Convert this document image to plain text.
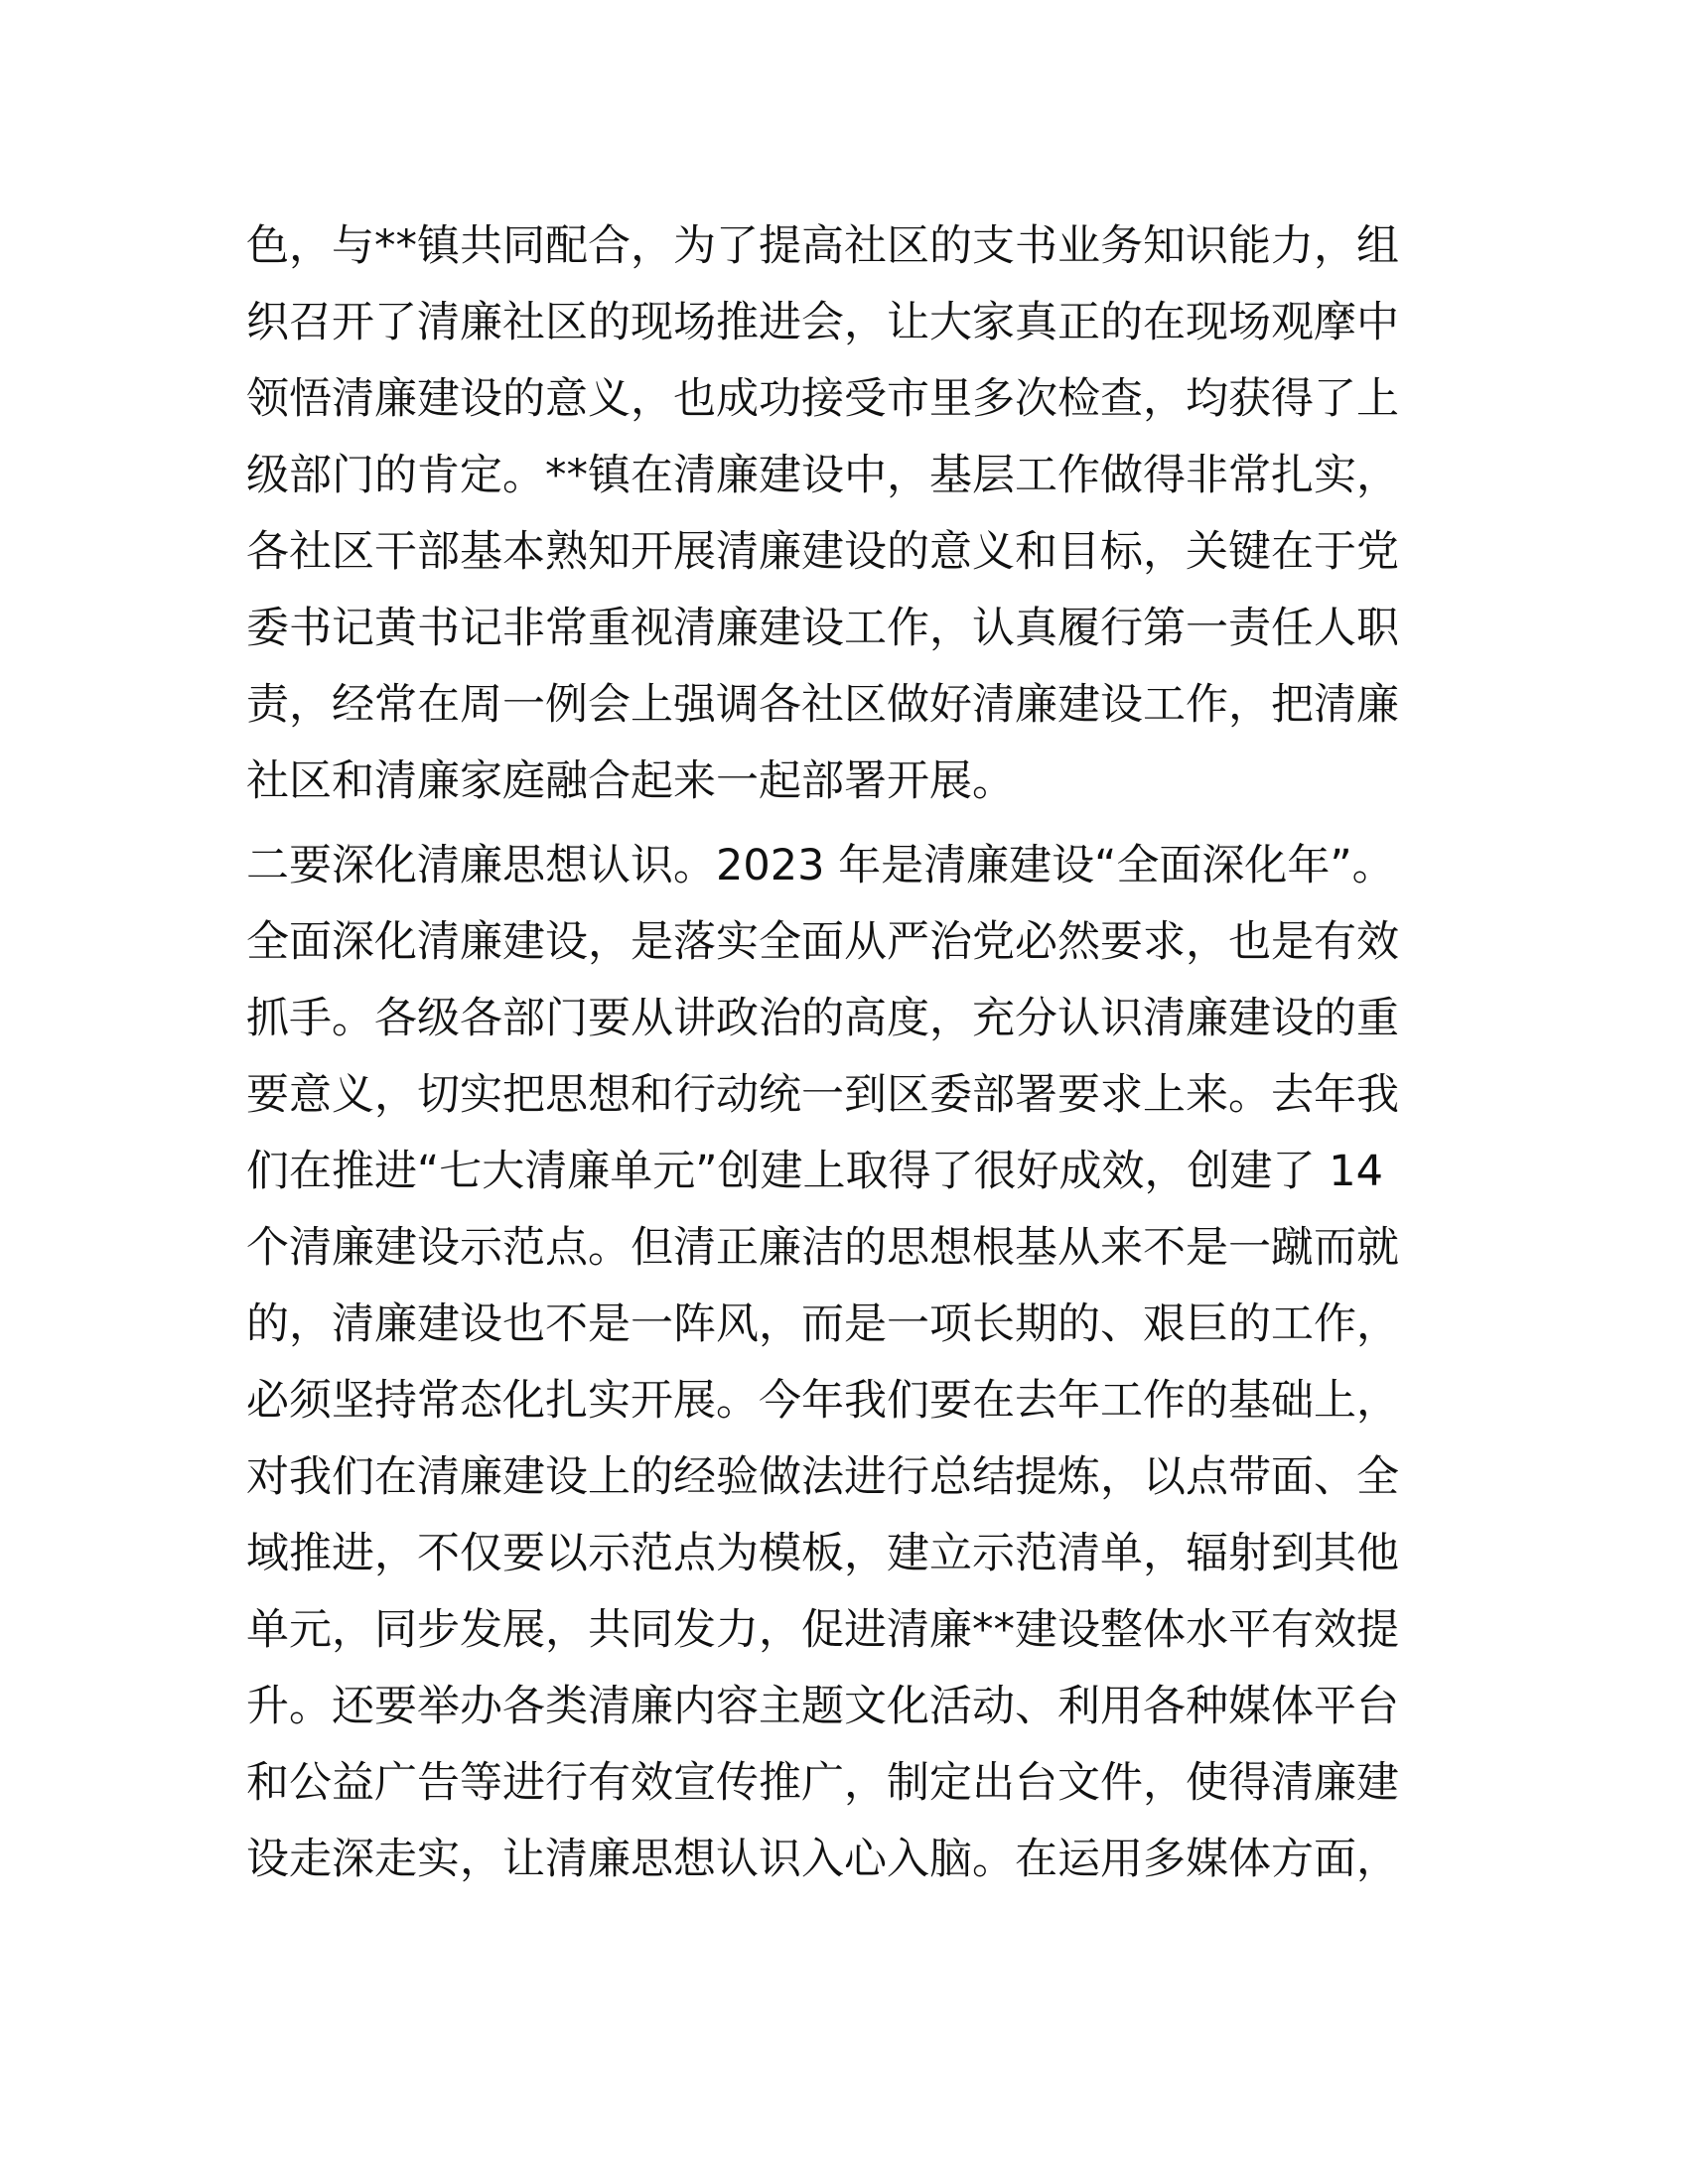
色，与**镇共同配合，为了提高社区的支书业务知识能力，组
织召开了清廉社区的现场推进会，让大家真正的在现场观摩中
领悟清廉建设的意义，也成功接受市里多次检查，均获得了上
级部门的肯定。**镇在清廉建设中，基层工作做得非常扎实，
各社区干部基本熟知开展清廉建设的意义和目标，关键在于党
委书记黄书记非常重视清廉建设工作，认真履行第一责任人职
责，经常在周一例会上强调各社区做好清廉建设工作，把清廉
社区和清廉家庭融合起来一起部署开展。
二要深化清廉思想认识。2023 年是清廉建设“全面深化年”。
全面深化清廉建设，是落实全面从严治党必然要求，也是有效
抓手。各级各部门要从讲政治的高度，充分认识清廉建设的重
要意义，切实把思想和行动统一到区委部署要求上来。去年我
们在推进“七大清廉单元”创建上取得了很好成效，创建了 14
个清廉建设示范点。但清正廉洁的思想根基从来不是一蹴而就
的，清廉建设也不是一阵风，而是一项长期的、艰巨的工作，
必须坚持常态化扎实开展。今年我们要在去年工作的基础上，
对我们在清廉建设上的经验做法进行总结提炼，以点带面、全
域推进，不仅要以示范点为模板，建立示范清单，辐射到其他
单元，同步发展，共同发力，促进清廉**建设整体水平有效提
升。还要举办各类清廉内容主题文化活动、利用各种媒体平台
和公益广告等进行有效宣传推广，制定出台文件，使得清廉建
设走深走实，让清廉思想认识入心入脑。在运用多媒体方面，
